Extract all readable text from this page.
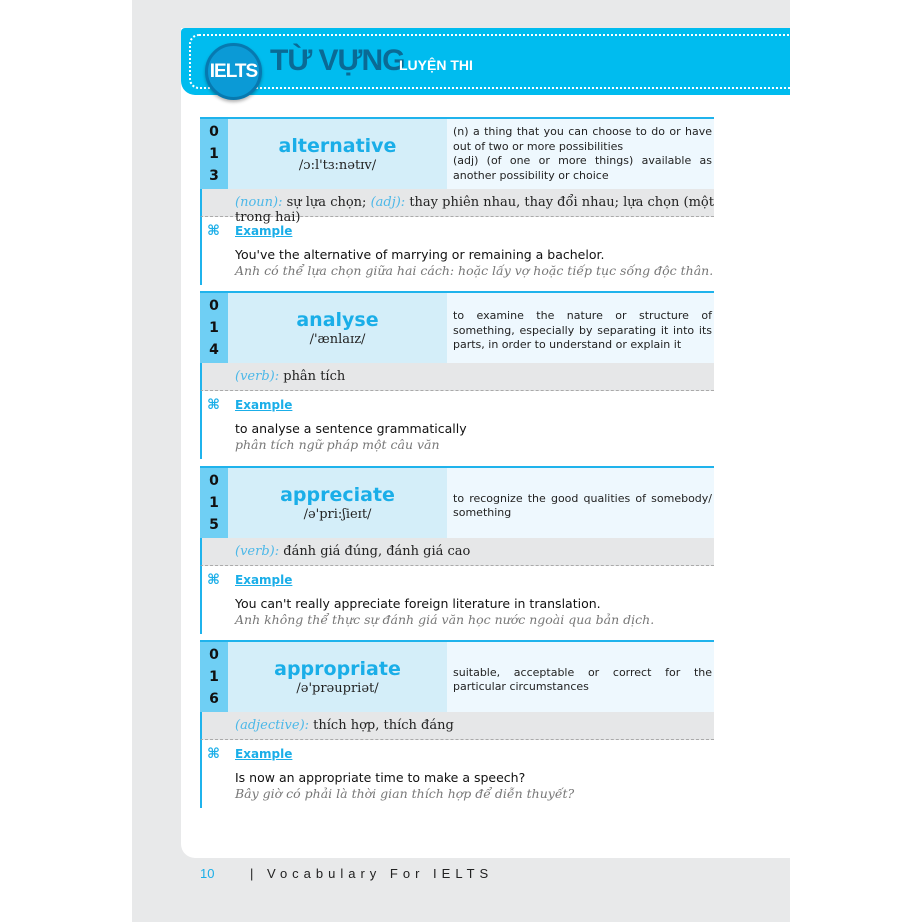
IELTS TỪ VỰNG
LUYỆN THI
0
1
3
alternative
/ɔ:l'tɜ:nətɪv/
(n) a thing that you can choose to do or have out of two or more possibilities
(adj) (of one or more things) available as another possibility or choice
(noun): sự lựa chọn; (adj): thay phiên nhau, thay đổi nhau; lựa chọn (một trong hai)
⌘ Example
You've the alternative of marrying or remaining a bachelor.
Anh có thể lựa chọn giữa hai cách: hoặc lấy vợ hoặc tiếp tục sống độc thân.
0
1
4
analyse
/'ænlaɪz/
to examine the nature or structure of something, especially by separating it into its parts, in order to understand or explain it
(verb): phân tích
⌘ Example
to analyse a sentence grammatically
phân tích ngữ pháp một câu văn
0
1
5
appreciate
/ə'pri:ʃieɪt/
to recognize the good qualities of somebody/ something
(verb): đánh giá đúng, đánh giá cao
⌘ Example
You can't really appreciate foreign literature in translation.
Anh không thể thực sự đánh giá văn học nước ngoài qua bản dịch.
0
1
6
appropriate
/ə'prəupriət/
suitable, acceptable or correct for the particular circumstances
(adjective): thích hợp, thích đáng
⌘ Example
Is now an appropriate time to make a speech?
Bây giờ có phải là thời gian thích hợp để diễn thuyết?
10	| Vocabulary For IELTS
